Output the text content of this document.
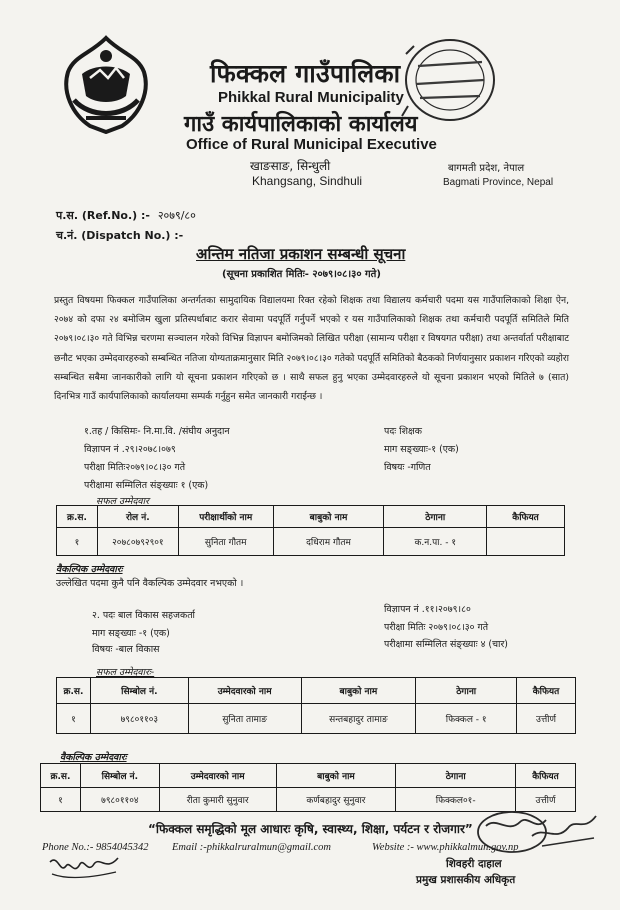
फिक्कल गाउँपालिका
Phikkal Rural Municipality
गाउँ कार्यपालिकाको कार्यालय
Office of Rural Municipal Executive
खाङसाङ, सिन्धुली
Khangsang, Sindhuli
बागमती प्रदेश, नेपाल
Bagmati Province, Nepal
प.स. (Ref.No.) :- २०७९/८०
च.नं. (Dispatch No.) :-
अन्तिम नतिजा प्रकाशन सम्बन्धी सूचना
(सूचना प्रकाशित मितिः- २०७९।०८।३० गते)
प्रस्तुत विषयमा फिक्कल गाउँपालिका अन्तर्गतका सामुदायिक विद्यालयमा रिक्त रहेको शिक्षक तथा विद्यालय कर्मचारी पदमा यस गाउँपालिकाको शिक्षा ऐन, २०७४ को दफा २४ बमोजिम खुला प्रतिस्पर्धाबाट करार सेवामा पदपूर्ति गर्नुपर्ने भएको र यस गाउँपालिकाको शिक्षक तथा कर्मचारी पदपूर्ति समितिले मिति २०७९।०८।३० गते विभिन्न चरणमा सञ्चालन गरेको विभिन्न विज्ञापन बमोजिमको लिखित परीक्षा (सामान्य परीक्षा र विषयगत परीक्षा) तथा अन्तर्वार्ता परीक्षाबाट छनौट भएका उम्मेदवारहरुको सम्बन्धित नतिजा योग्यताक्रमानुसार मिति २०७९।०८।३० गतेको पदपूर्ति समितिको बैठकको निर्णयानुसार प्रकाशन गरिएको व्यहोरा सम्बन्धित सबैमा जानकारीको लागि यो सूचना प्रकाशन गरिएको छ । साथै सफल हुनु भएका उम्मेदवारहरुले यो सूचना प्रकाशन भएको मितिले ७ (सात) दिनभित्र गाउँ कार्यपालिकाको कार्यालयमा सम्पर्क गर्नुहुन समेत जानकारी गराईन्छ ।
१.तह / किसिमः- नि.मा.वि. /संघीय अनुदान
विज्ञापन नं .२९।२०७८।०७९
परीक्षा मितिः२०७९।०८।३० गते
परीक्षामा सम्मिलित संङ्ख्याः १ (एक)
पदः शिक्षक
माग सङ्ख्याः-१ (एक)
विषयः -गणित
सफल उम्मेदवार
क्र.स.	रोल नं.	परीक्षार्थीको नाम	बाबुको नाम	ठेगाना	कैफियत
१	२०७८०७९२९०१	सुनिता गौतम	दधिराम गौतम	क.न.पा. - १	
वैकल्पिक उम्मेदवारः
उल्लेखित पदमा कुनै पनि वैकल्पिक उम्मेदवार नभएको ।
२. पदः बाल विकास सहजकर्ता
माग सङ्ख्याः -१ (एक)
विषयः -बाल विकास
विज्ञापन नं .११।२०७९।८०
परीक्षा मितिः २०७९।०८।३० गते
परीक्षामा सम्मिलित संङ्ख्याः ४ (चार)
सफल उम्मेदवारः-
क्र.स.	सिम्बोल नं.	उम्मेदवारको नाम	बाबुको नाम	ठेगाना	कैफियत
१	७९८०११०३	सुनिता तामाङ	सन्तबहादुर तामाङ	फिक्कल - १	उत्तीर्ण
वैकल्पिक उम्मेदवारः
क्र.स.	सिम्बोल नं.	उम्मेदवारको नाम	बाबुको नाम	ठेगाना	कैफियत
१	७९८०११०४	रीता कुमारी सुनुवार	कर्णबहादुर सुनुवार	फिक्कल०१-	उत्तीर्ण
“फिक्कल समृद्धिको मूल आधारः कृषि, स्वास्थ्य, शिक्षा, पर्यटन र रोजगार”
Phone No.:- 9854045342 Email :-phikkalruralmun@gmail.com	Website :- www.phikkalmun.gov.np
शिवहरी दाहाल
प्रमुख प्रशासकीय अधिकृत
